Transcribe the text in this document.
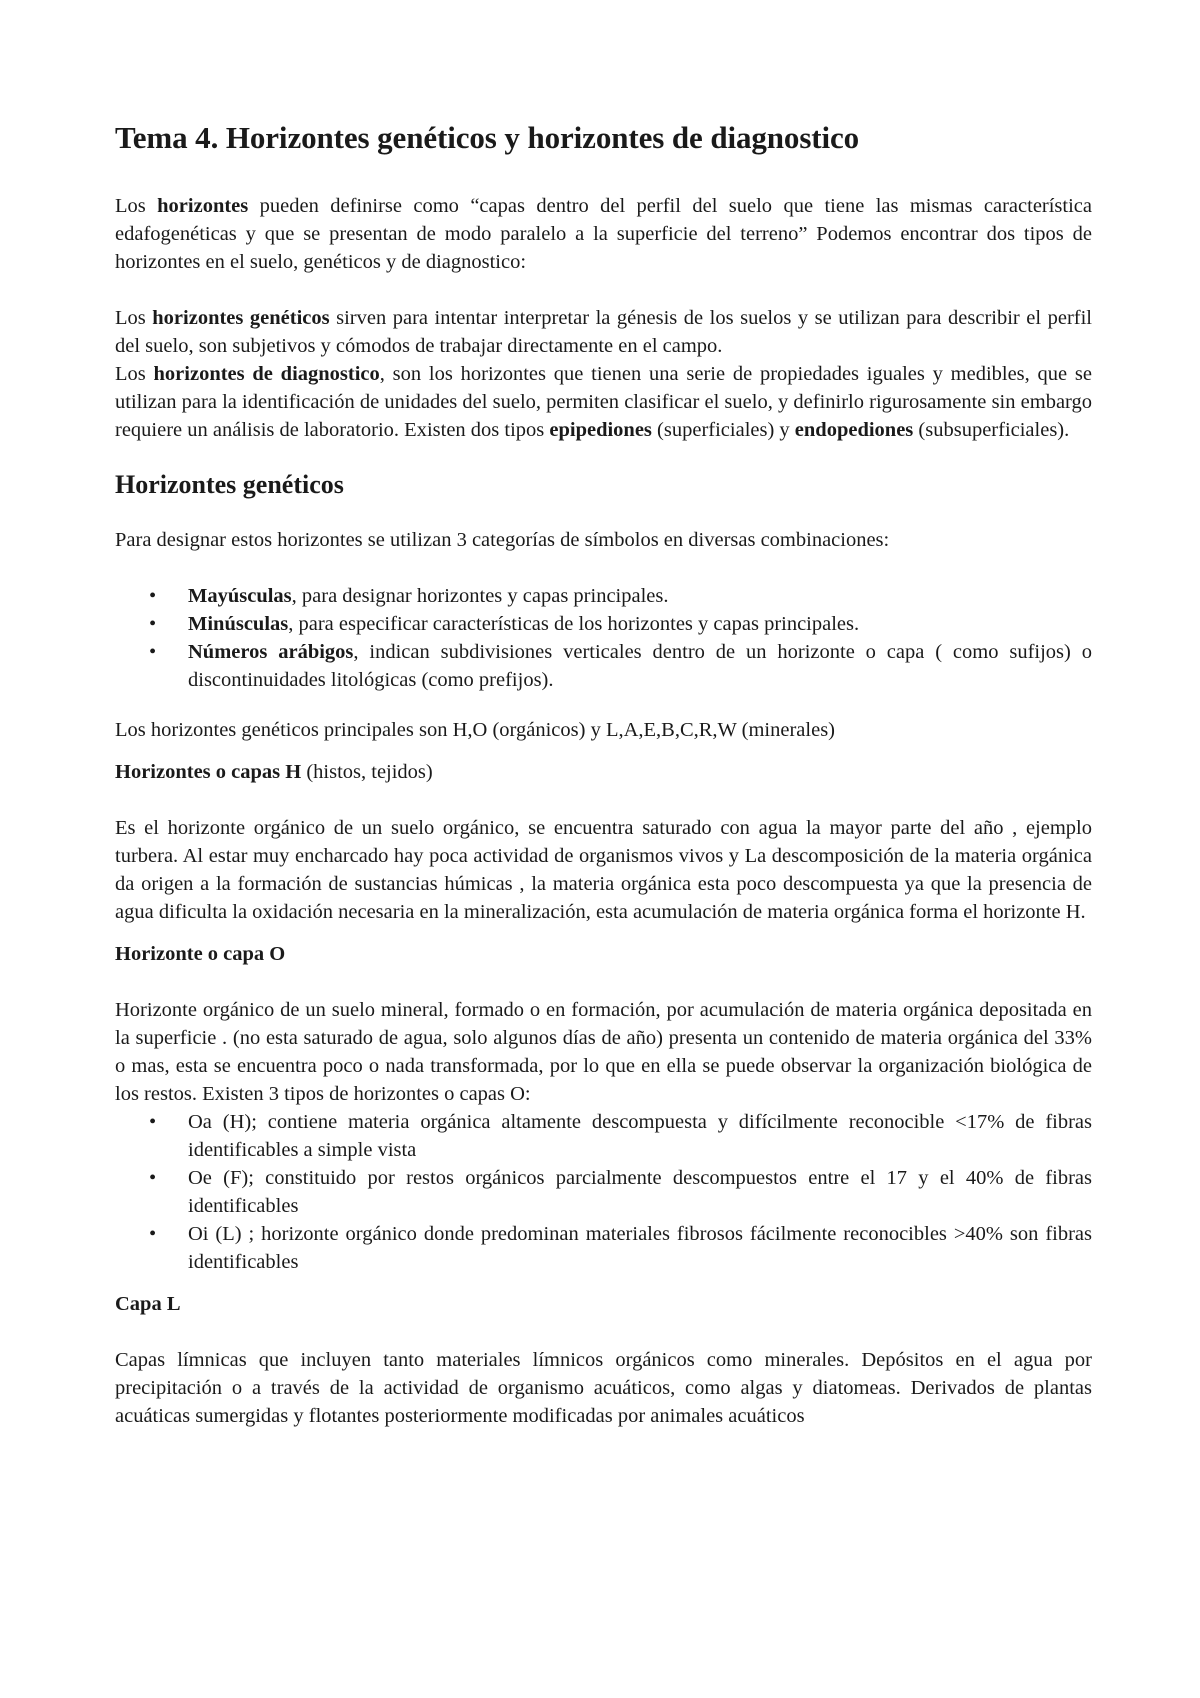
Tema 4. Horizontes genéticos y horizontes de diagnostico

Los horizontes pueden definirse como “capas dentro del perfil del suelo que tiene las mismas característica edafogenéticas y que se presentan de modo paralelo a la superficie del terreno” Podemos encontrar dos tipos de horizontes en el suelo, genéticos y de diagnostico:

Los horizontes genéticos sirven para intentar interpretar la génesis de los suelos y se utilizan para describir el perfil del suelo, son subjetivos y cómodos de trabajar directamente en el campo.

Los horizontes de diagnostico, son los horizontes que tienen una serie de propiedades iguales y medibles, que se utilizan para la identificación de unidades del suelo, permiten clasificar el suelo, y definirlo rigurosamente sin embargo requiere un análisis de laboratorio. Existen dos tipos epipediones (superficiales) y endopediones (subsuperficiales).

Horizontes genéticos

Para designar estos horizontes se utilizan 3 categorías de símbolos en diversas combinaciones:

• Mayúsculas, para designar horizontes y capas principales.
• Minúsculas, para especificar características de los horizontes y capas principales.
• Números arábigos, indican subdivisiones verticales dentro de un horizonte o capa ( como sufijos) o discontinuidades litológicas (como prefijos).

Los horizontes genéticos principales son H,O (orgánicos) y L,A,E,B,C,R,W (minerales)

Horizontes o capas H (histos, tejidos)

Es el horizonte orgánico de un suelo orgánico, se encuentra saturado con agua la mayor parte del año , ejemplo turbera. Al estar muy encharcado hay poca actividad de organismos vivos y La descomposición de la materia orgánica da origen a la formación de sustancias húmicas , la materia orgánica esta poco descompuesta ya que la presencia de agua dificulta la oxidación necesaria en la mineralización, esta acumulación de materia orgánica forma el horizonte H.

Horizonte o capa O

Horizonte orgánico de un suelo mineral, formado o en formación, por acumulación de materia orgánica depositada en la superficie . (no esta saturado de agua, solo algunos días de año) presenta un contenido de materia orgánica del 33% o mas, esta se encuentra poco o nada transformada, por lo que en ella se puede observar la organización biológica de los restos. Existen 3 tipos de horizontes o capas O:

• Oa (H); contiene materia orgánica altamente descompuesta y difícilmente reconocible <17% de fibras identificables a simple vista
• Oe (F); constituido por restos orgánicos parcialmente descompuestos entre el 17 y el 40% de fibras identificables
• Oi (L) ; horizonte orgánico donde predominan materiales fibrosos fácilmente reconocibles >40% son fibras identificables

Capa L

Capas límnicas que incluyen tanto materiales límnicos orgánicos como minerales. Depósitos en el agua por precipitación o a través de la actividad de organismo acuáticos, como algas y diatomeas. Derivados de plantas acuáticas sumergidas y flotantes posteriormente modificadas por animales acuáticos
